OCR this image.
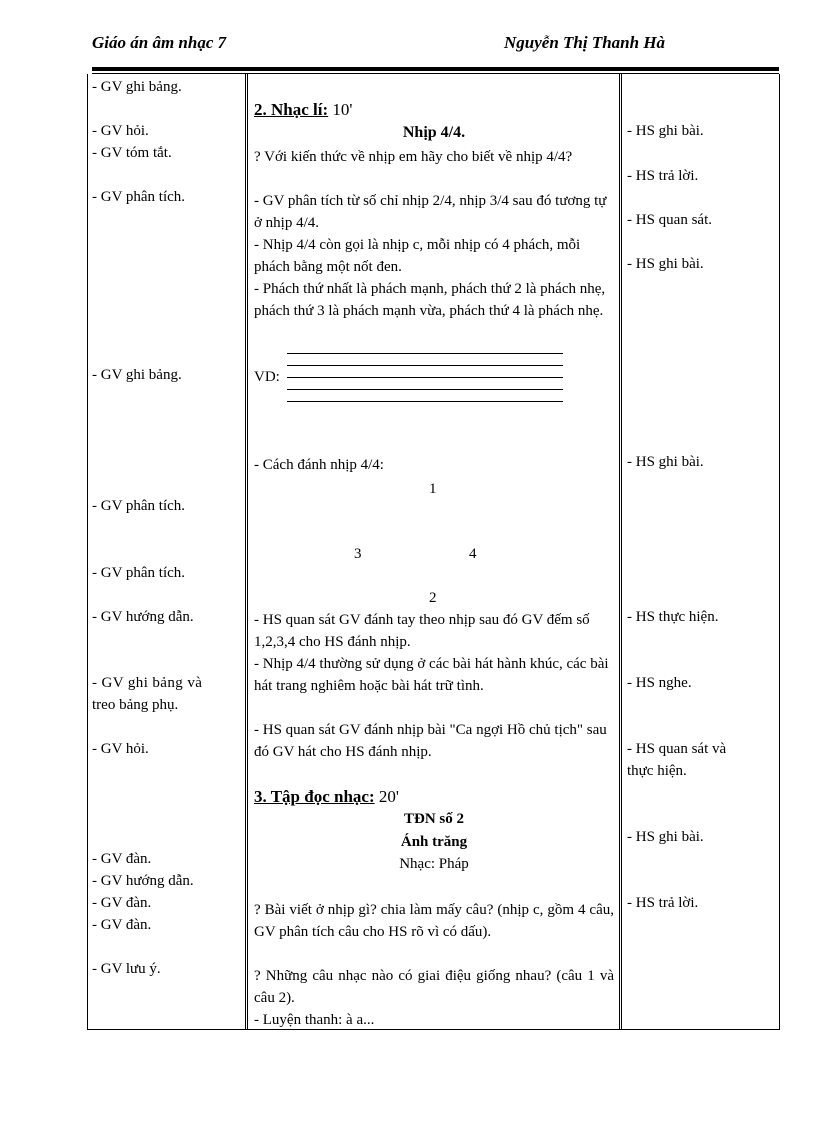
Giáo án âm nhạc 7	Nguyễn Thị Thanh Hà
- GV ghi bảng.
- GV hỏi.
- GV tóm tắt.
- GV phân tích.
- GV ghi bảng.
- GV phân tích.
- GV phân tích.
- GV hướng dẫn.
- GV ghi bảng và
treo bảng phụ.
- GV hỏi.
- GV đàn.
- GV hướng dẫn.
- GV đàn.
- GV đàn.
- GV lưu ý.
- HS ghi bài.
- HS trả lời.
- HS quan sát.
- HS ghi bài.
- HS ghi bài.
- HS thực hiện.
- HS nghe.
- HS quan sát và
thực hiện.
- HS ghi bài.
- HS trả lời.
2. Nhạc lí: 10'
Nhịp 4/4.
? Với kiến thức về nhịp em hãy cho biết về nhịp 4/4?
- GV phân tích từ số chỉ nhịp 2/4, nhịp 3/4 sau đó tương tự ở nhịp 4/4.
- Nhịp 4/4 còn gọi là nhịp c, mỗi nhịp có 4 phách, mỗi phách bằng một nốt đen.
- Phách thứ nhất là phách mạnh, phách thứ 2 là phách nhẹ, phách thứ 3 là phách mạnh vừa, phách thứ 4 là phách nhẹ.
VD:
- Cách đánh nhịp 4/4:
1
3	4
2
- HS quan sát GV đánh tay theo nhịp sau đó GV đếm số 1,2,3,4 cho HS đánh nhịp.
- Nhịp 4/4 thường sử dụng ở các bài hát hành khúc, các bài hát trang nghiêm hoặc bài hát trữ tình.
- HS quan sát GV đánh nhịp bài "Ca ngợi Hồ chủ tịch" sau đó GV hát cho HS đánh nhịp.
3. Tập đọc nhạc: 20'
TĐN số 2
Ánh trăng
Nhạc: Pháp
? Bài viết ở nhịp gì? chia làm mấy câu? (nhịp c, gồm 4 câu, GV phân tích câu cho HS rõ vì có dấu).
? Những câu nhạc nào có giai điệu giống nhau? (câu 1 và câu 2).
- Luyện thanh: à a...
